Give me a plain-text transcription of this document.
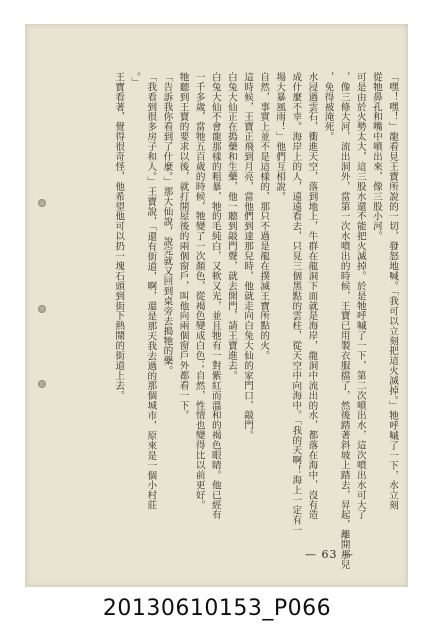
「嘿！嘿！」龍看見王寶所說的一切，發怒地喊。「我可以立刻把這火滅掉。」牠呼嘁了一下，水立刻
從牠鼻孔和嘴中噴出來，像三股小河。
可是由於火勢太大，這三股水還不能把火滅掉。於是牠呼嘁了一下，第二次噴出水，這次噴出水可大了
，像三條大河，流出洞外，當第一次水噴出的時候，王寶已用製衣服擋了，然後踏著斜坡上踏去，昇起，離開那兒
，免得被淹死。
水浸過雲石，衝進天空，落到地上，牛群在龍洞下面就是海岸，龍洞中流出的水，都落在海中，沒有造
成什麼不幸。海岸上的人，遠遠看去，只見三個黑點的雲柱，從天空中向海中。「我的天啊！海上一定有一
場大暴風雨！」他們互相說。
自然，事實上並不是這樣的，那只不過是龍在撲滅王寶所點的火。
這時候，王寶正飛到月亮，當他們到達那兒時，他就走向白兔大仙的家門口，敲門。
白兔大仙正在搗藥和生藥，他一聽到敲門聲，就去開門，請王寶進去。
白兔大仙不會龍那樣的粗暴，牠的毛純白，又軟又光，並且牠有一對紫紅而溫和的褐色眼睛。他已經有
一千多歲，當牠五百歲的時候，牠變了一次顏色，從褐色變成白色；自然，性情也變得比以前更好。
牠聽到王寶的要求以後，就打開屋後的兩個窗戶，叫他向兩個窗戶外都看一下。
「告訴我你看到了什麼。」那大仙說，說完就又回到桌旁去搗牠的藥。
「我看到很多房子和人。」王寶說，「還有街道，啊，還是那天我去過的那個城市，原來是一個小村莊
。」
王寶看著，覺得很奇怪，他希望他可以扔一塊石頭到街下熱鬧的街道上去。
— 63 —
20130610153_P066
